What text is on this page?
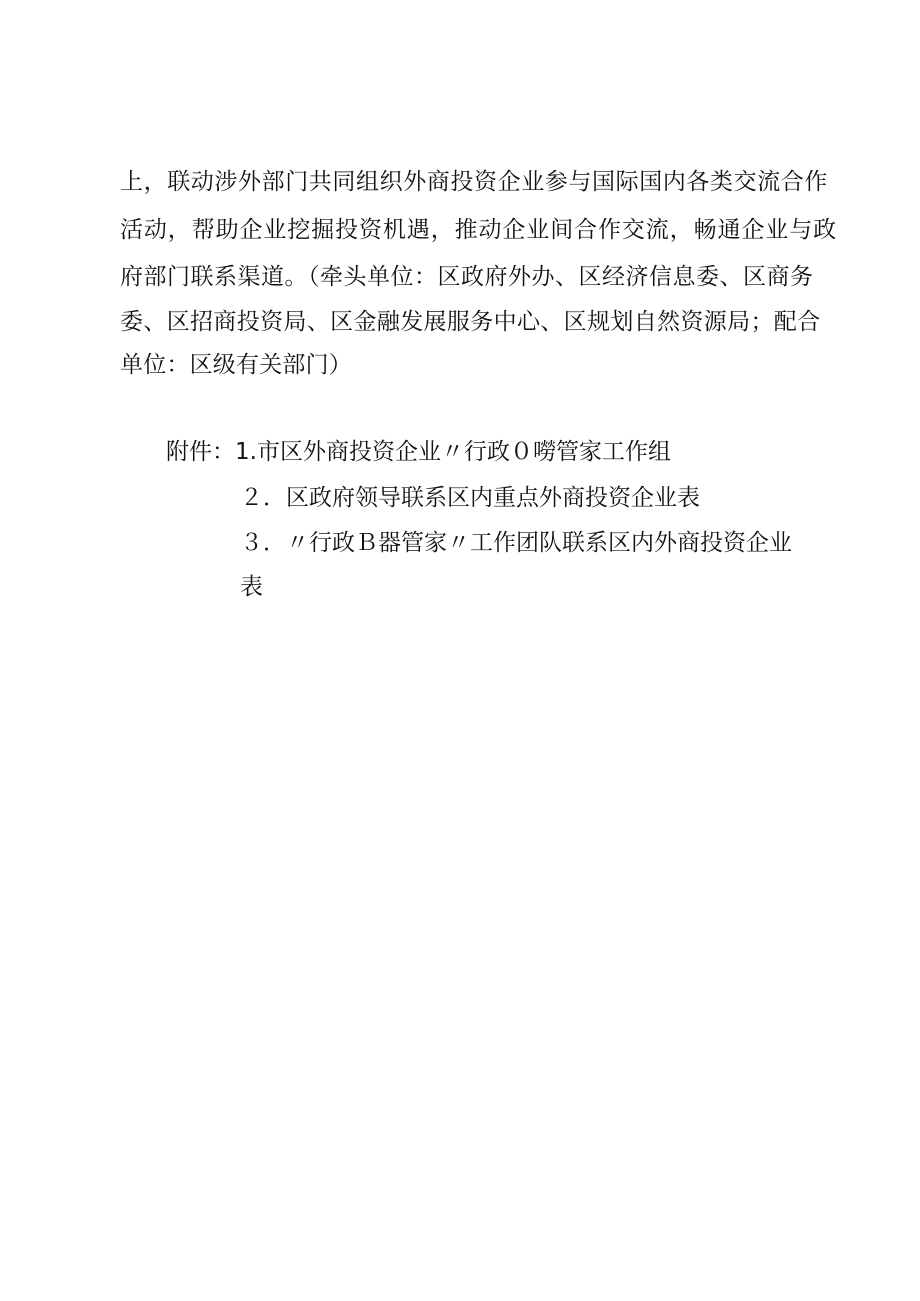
上，联动涉外部门共同组织外商投资企业参与国际国内各类交流合作
活动，帮助企业挖掘投资机遇，推动企业间合作交流，畅通企业与政
府部门联系渠道。（牵头单位：区政府外办、区经济信息委、区商务
委、区招商投资局、区金融发展服务中心、区规划自然资源局；配合
单位：区级有关部门）
附件：1.市区外商投资企业〃行政０嘮管家工作组
２．区政府领导联系区内重点外商投资企业表
３．〃行政Ｂ器管家〃工作团队联系区内外商投资企业
表
